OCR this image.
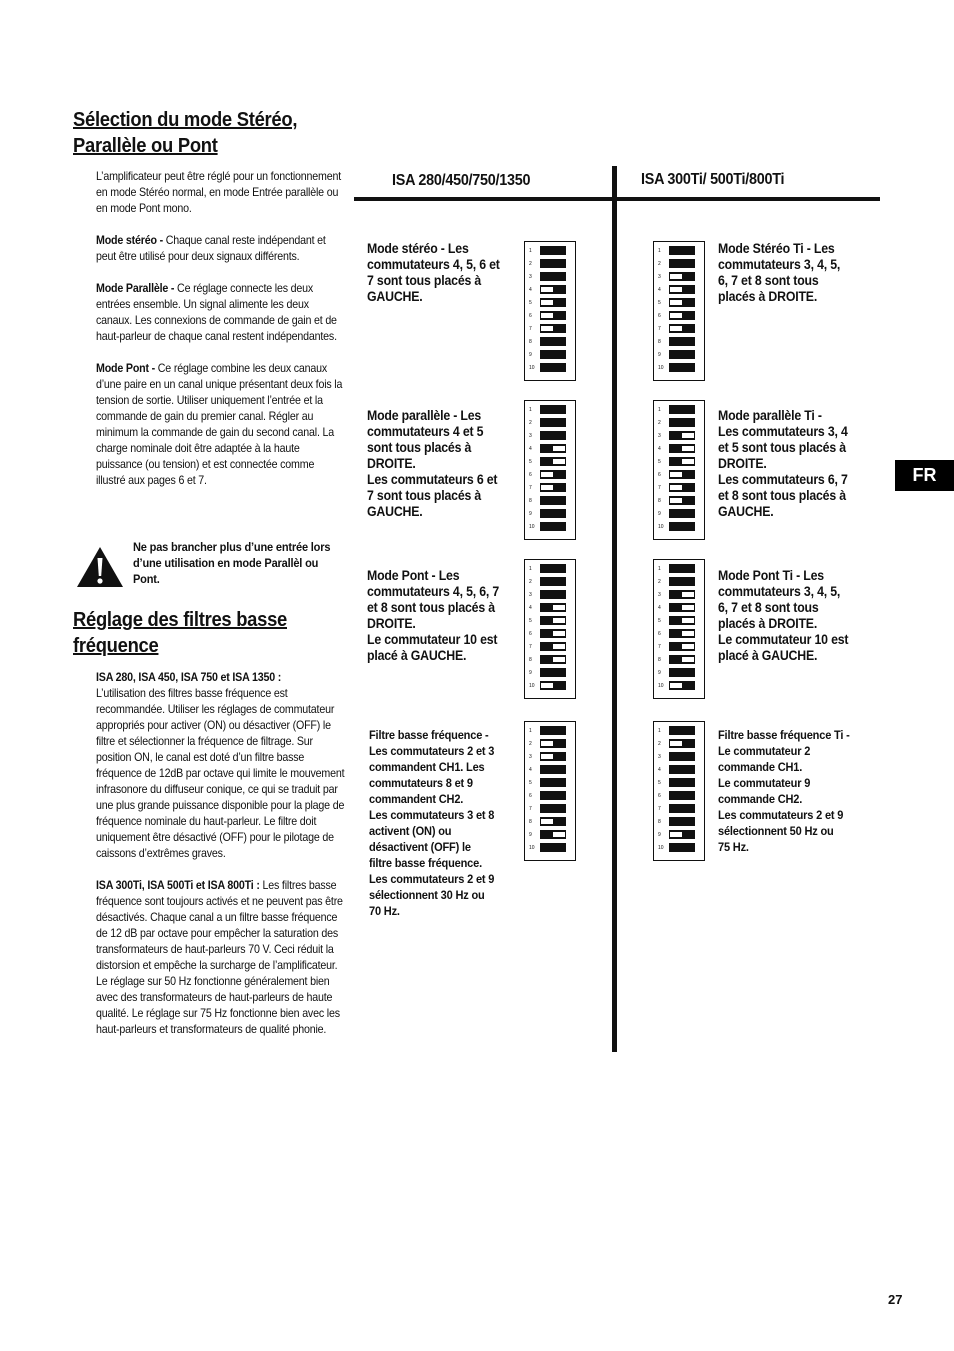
Sélection du mode Stéréo,
Parallèle ou Pont

L’amplificateur peut être réglé pour un fonctionnement en mode Stéréo normal, en mode Entrée parallèle ou en mode Pont mono.

Mode stéréo - Chaque canal reste indépendant et peut être utilisé pour deux signaux différents.

Mode Parallèle - Ce réglage connecte les deux entrées ensemble. Un signal alimente les deux canaux. Les connexions de commande de gain et de haut-parleur de chaque canal restent indépendantes.

Mode Pont - Ce réglage combine les deux canaux d’une paire en un canal unique présentant deux fois la tension de sortie. Utiliser uniquement l’entrée et la commande de gain du premier canal. Régler au minimum la commande de gain du second canal. La charge nominale doit être adaptée à la haute puissance (ou tension) et est connectée comme illustré aux pages 6 et 7.

Ne pas brancher plus d’une entrée lors d’une utilisation en mode Parallèl ou Pont.
Réglage des filtres basse
fréquence

ISA 280, ISA 450, ISA 750 et ISA 1350 :
L’utilisation des filtres basse fréquence est recommandée. Utiliser les réglages de commutateur appropriés pour activer (ON) ou désactiver (OFF) le filtre et sélectionner la fréquence de filtrage. Sur position ON, le canal est doté d’un filtre basse fréquence de 12dB par octave qui limite le mouvement infrasonore du diffuseur conique, ce qui se traduit par une plus grande puissance disponible pour la plage de fréquence nominale du haut-parleur. Le filtre doit uniquement être désactivé (OFF) pour le pilotage de caissons d’extrêmes graves.

ISA 300Ti, ISA 500Ti et ISA 800Ti : Les filtres basse fréquence sont toujours activés et ne peuvent pas être désactivés. Chaque canal a un filtre basse fréquence de 12 dB par octave pour empêcher la saturation des transformateurs de haut-parleurs 70 V. Ceci réduit la distorsion et empêche la surcharge de l’amplificateur. Le réglage sur 50 Hz fonctionne généralement bien avec des transformateurs de haut-parleurs de haute qualité. Le réglage sur 75 Hz fonctionne bien avec les haut-parleurs et transformateurs de qualité phonie.

ISA 280/450/750/1350	ISA 300Ti/ 500Ti/800Ti
Mode stéréo - Les
commutateurs 4, 5, 6 et
7 sont tous placés à
GAUCHE.
1
2
3
4
5
6
7
8
9
10
Mode parallèle - Les
commutateurs 4 et 5
sont tous placés à
DROITE.
Les commutateurs 6 et
7 sont tous placés à
GAUCHE.
1
2
3
4
5
6
7
8
9
10
Mode Pont - Les
commutateurs 4, 5, 6, 7
et 8 sont tous placés à
DROITE.
Le commutateur 10 est
placé à GAUCHE.
1
2
3
4
5
6
7
8
9
10
Filtre basse fréquence -
Les commutateurs 2 et 3
commandent CH1. Les
commutateurs 8 et 9
commandent CH2.
Les commutateurs 3 et 8
activent (ON) ou
désactivent (OFF) le
filtre basse fréquence.
Les commutateurs 2 et 9
sélectionnent 30 Hz ou
70 Hz.
1
2
3
4
5
6
7
8
9
10
Mode Stéréo Ti - Les
commutateurs 3, 4, 5,
6, 7 et 8 sont tous
placés à DROITE.
1
2
3
4
5
6
7
8
9
10
Mode parallèle Ti -
Les commutateurs 3, 4
et 5 sont tous placés à
DROITE.
Les commutateurs 6, 7
et 8 sont tous placés à
GAUCHE.
1
2
3
4
5
6
7
8
9
10
Mode Pont Ti - Les
commutateurs 3, 4, 5,
6, 7 et 8 sont tous
placés à DROITE.
Le commutateur 10 est
placé à GAUCHE.
1
2
3
4
5
6
7
8
9
10
Filtre basse fréquence Ti -
Le commutateur 2
commande CH1.
Le commutateur 9
commande CH2.
Les commutateurs 2 et 9
sélectionnent 50 Hz ou
75 Hz.
1
2
3
4
5
6
7
8
9
10
FR
27
